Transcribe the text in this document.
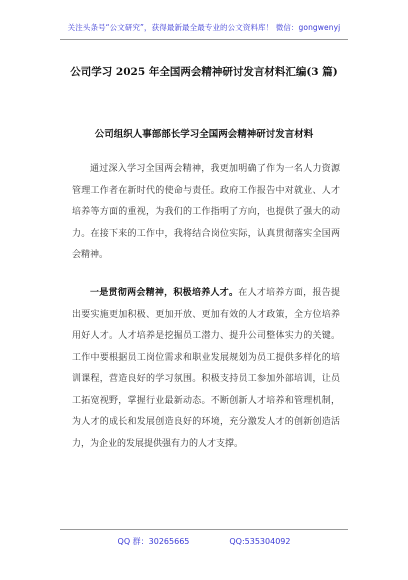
关注头条号“公文研究”，获得最新最全最专业的公文资料库！ 微信：gongwenyj
公司学习 2025 年全国两会精神研讨发言材料汇编(3 篇)
公司组织人事部部长学习全国两会精神研讨发言材料

通过深入学习全国两会精神，我更加明确了作为一名人力资源管理工作者在新时代的使命与责任。政府工作报告中对就业、人才培养等方面的重视，为我们的工作指明了方向，也提供了强大的动力。在接下来的工作中，我将结合岗位实际，认真贯彻落实全国两会精神。

一是贯彻两会精神，积极培养人才。在人才培养方面，报告提出要实施更加积极、更加开放、更加有效的人才政策，全方位培养用好人才。人才培养是挖掘员工潜力、提升公司整体实力的关键。工作中要根据员工岗位需求和职业发展规划为员工提供多样化的培训课程，营造良好的学习氛围。积极支持员工参加外部培训，让员工拓宽视野，掌握行业最新动态。不断创新人才培养和管理机制，为人才的成长和发展创造良好的环境，充分激发人才的创新创造活力，为企业的发展提供强有力的人才支撑。

QQ 群：30265665	QQ:535304092
